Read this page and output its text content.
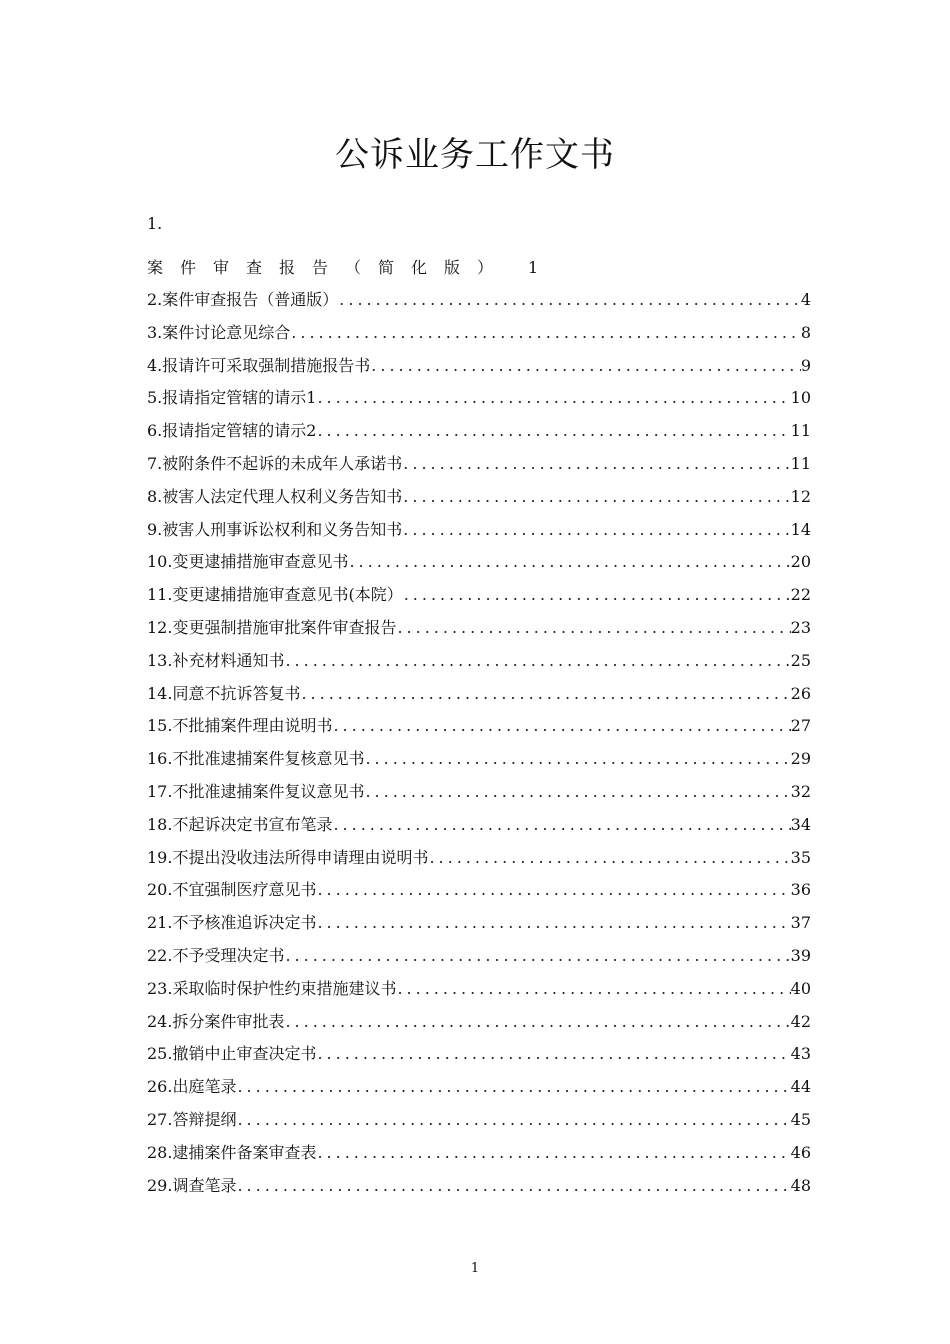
公诉业务工作文书
1.
案件审查报告（简化版） 1
2.案件审查报告（普通版） .....	4
3.案件讨论意见综合 .....	8
4.报请许可采取强制措施报告书 .....	9
5.报请指定管辖的请示1 .....	10
6.报请指定管辖的请示2 .....	11
7.被附条件不起诉的未成年人承诺书 .....	11
8.被害人法定代理人权利义务告知书 .....	12
9.被害人刑事诉讼权利和义务告知书 .....	14
10.变更逮捕措施审查意见书 .....	20
11.变更逮捕措施审查意见书(本院） .....	22
12.变更强制措施审批案件审查报告 .....	23
13.补充材料通知书 .....	25
14.同意不抗诉答复书 .....	26
15.不批捕案件理由说明书 .....	27
16.不批准逮捕案件复核意见书 .....	29
17.不批准逮捕案件复议意见书 .....	32
18.不起诉决定书宣布笔录 .....	34
19.不提出没收违法所得申请理由说明书 .....	35
20.不宜强制医疗意见书 .....	36
21.不予核准追诉决定书 .....	37
22.不予受理决定书 .....	39
23.采取临时保护性约束措施建议书 .....	40
24.拆分案件审批表 .....	42
25.撤销中止审查决定书 .....	43
26.出庭笔录 .....	44
27.答辩提纲 .....	45
28.逮捕案件备案审查表 .....	46
29.调查笔录 .....	48
1
